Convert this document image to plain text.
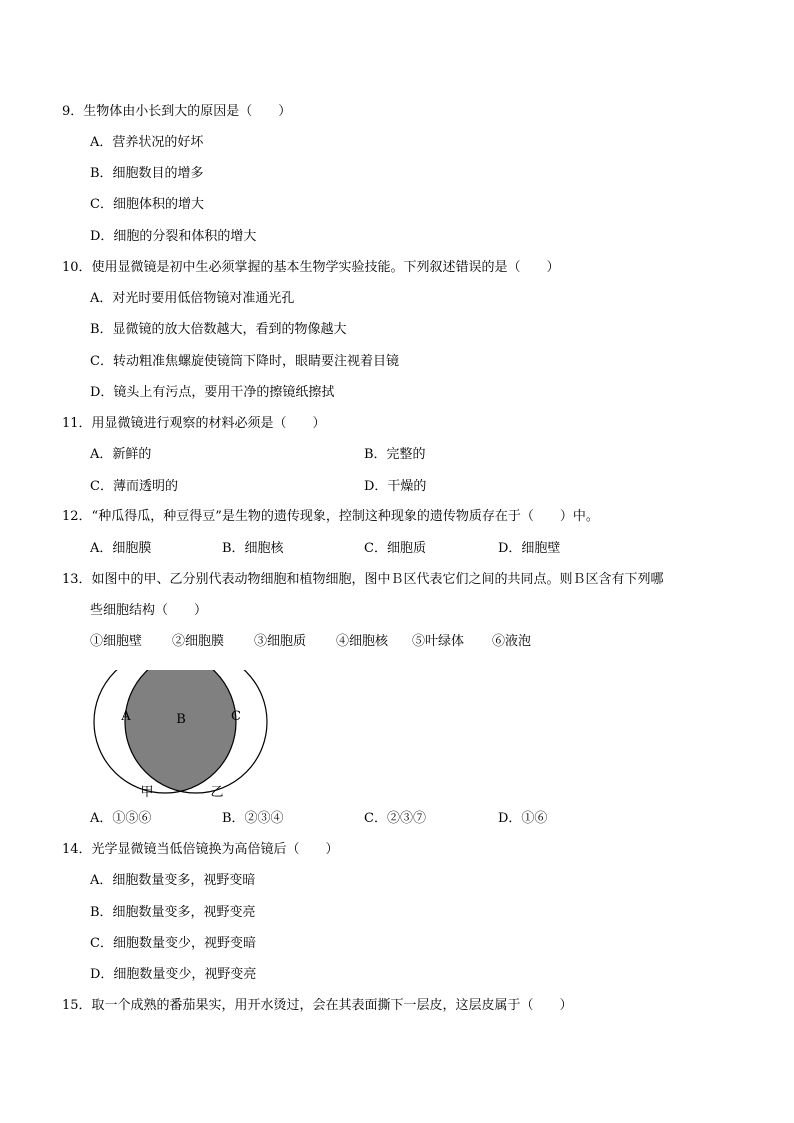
9．生物体由小长到大的原因是（　　）
A．营养状况的好坏
B．细胞数目的增多
C．细胞体积的增大
D．细胞的分裂和体积的增大
10．使用显微镜是初中生必须掌握的基本生物学实验技能。下列叙述错误的是（　　）
A．对光时要用低倍物镜对准通光孔
B．显微镜的放大倍数越大，看到的物像越大
C．转动粗准焦螺旋使镜筒下降时，眼睛要注视着目镜
D．镜头上有污点，要用干净的擦镜纸擦拭
11．用显微镜进行观察的材料必须是（　　）
A．新鲜的	B．完整的
C．薄而透明的	D．干燥的
12．“种瓜得瓜，种豆得豆”是生物的遗传现象，控制这种现象的遗传物质存在于（　　）中。
A．细胞膜	B．细胞核	C．细胞质	D．细胞壁
13．如图中的甲、乙分别代表动物细胞和植物细胞，图中Ｂ区代表它们之间的共同点。则Ｂ区含有下列哪
些细胞结构（　　）
①细胞壁 ②细胞膜 ③细胞质 ④细胞核 ⑤叶绿体 ⑥液泡
A	B	C
甲	乙
A．①⑤⑥	B．②③④	C．②③⑦	D．①⑥
14．光学显微镜当低倍镜换为高倍镜后（　　）
A．细胞数量变多，视野变暗
B．细胞数量变多，视野变亮
C．细胞数量变少，视野变暗
D．细胞数量变少，视野变亮
15．取一个成熟的番茄果实，用开水烫过，会在其表面撕下一层皮，这层皮属于（　　）
